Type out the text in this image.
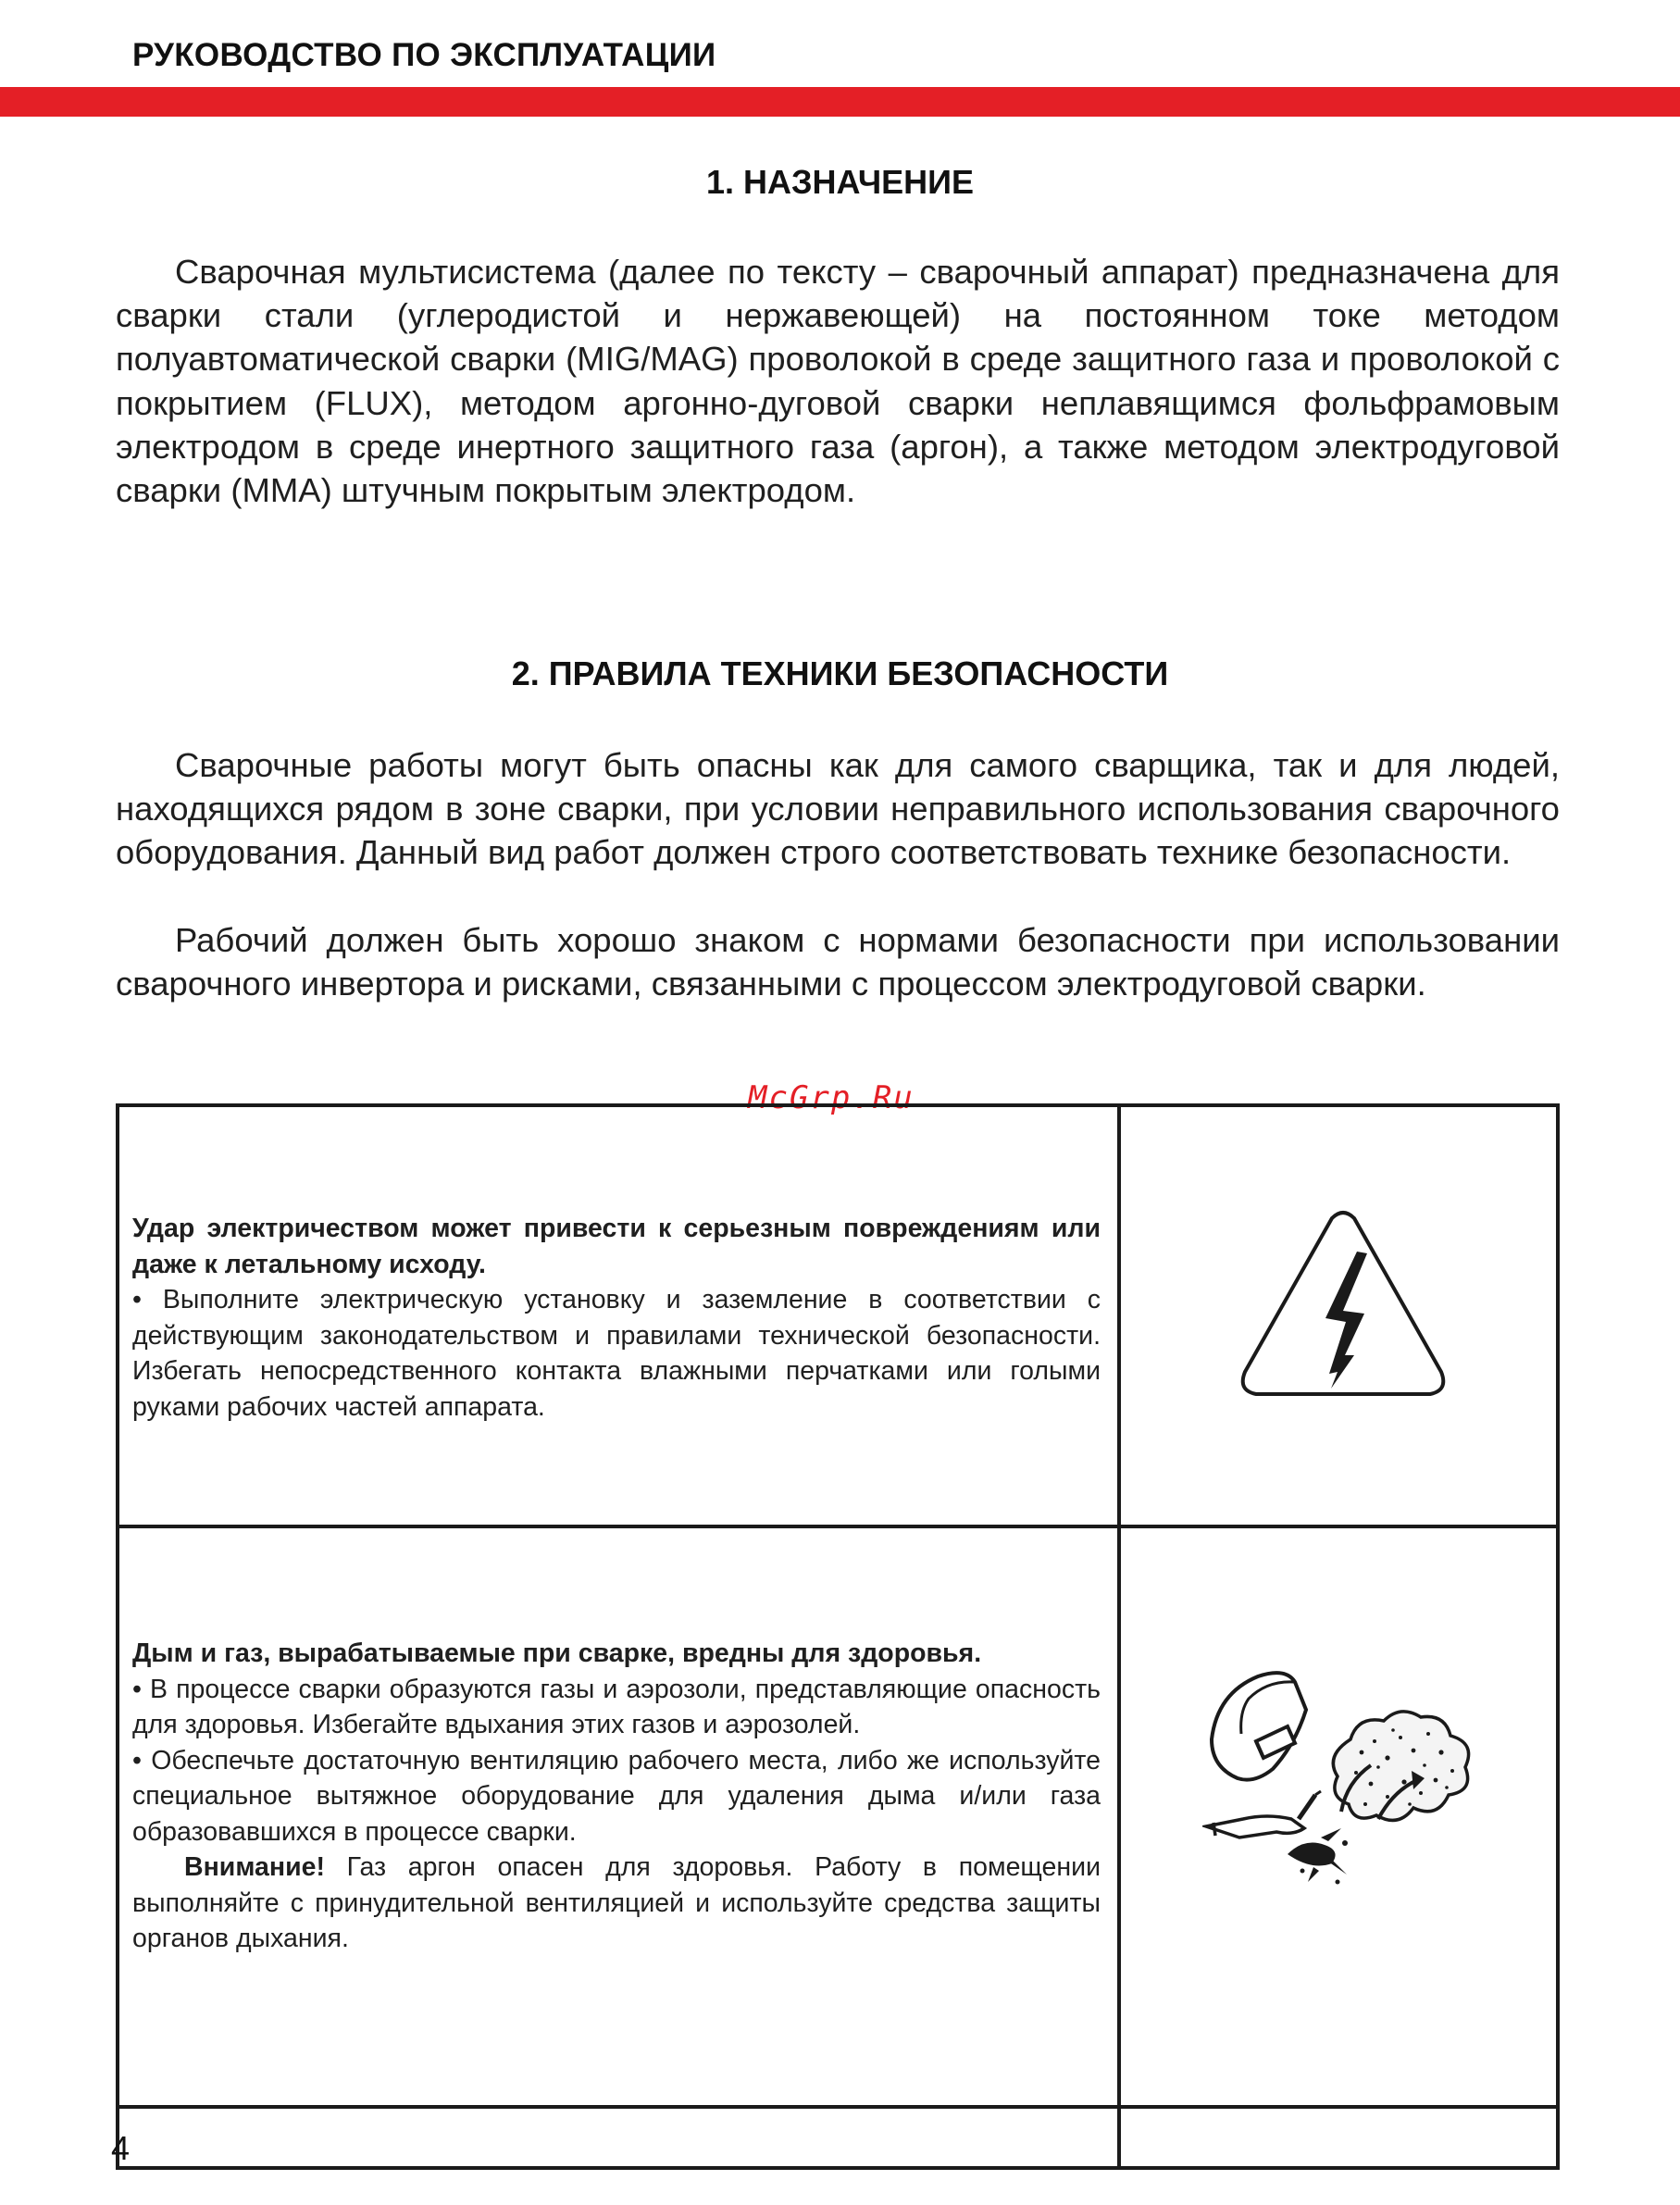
РУКОВОДСТВО ПО ЭКСПЛУАТАЦИИ
1. НАЗНАЧЕНИЕ

Сварочная мультисистема (далее по тексту – сварочный аппарат) предназначена для сварки стали (углеродистой и нержавеющей) на постоянном токе методом полуавтоматической сварки (MIG/MAG) проволокой в среде защитного газа и проволокой с покрытием (FLUX), методом аргонно-дуговой сварки неплавящимся фольфрамовым электродом в среде инертного защитного газа (аргон), а также методом электродуговой сварки (MMA) штучным покрытым электродом.

2. ПРАВИЛА ТЕХНИКИ БЕЗОПАСНОСТИ

Сварочные работы могут быть опасны как для самого сварщика, так и для людей, находящихся рядом в зоне сварки, при условии неправильного использования сварочного оборудования. Данный вид работ должен строго соответствовать технике безопасности.

Рабочий должен быть хорошо знаком с нормами безопасности при использовании сварочного инвертора и рисками, связанными с процессом электродуговой сварки.

McGrp.Ru

Удар электричеством может привести к серьезным повреждениям или даже к летальному исходу.

• Выполните электрическую установку и заземление в соответствии с действующим законодательством и правилами технической безопасности. Избегать непосредственного контакта влажными перчатками или голыми руками рабочих частей аппарата.

Дым и газ, вырабатываемые при сварке, вредны для здоровья.

• В процессе сварки образуются газы и аэрозоли, представляющие опасность для здоровья. Избегайте вдыхания этих газов и аэрозолей.

• Обеспечьте достаточную вентиляцию рабочего места, либо же используйте специальное вытяжное оборудование для удаления дыма и/или газа образовавшихся в процессе сварки.

Внимание! Газ аргон опасен для здоровья. Работу в помещении выполняйте с принудительной вентиляцией и используйте средства защиты органов дыхания.

4
